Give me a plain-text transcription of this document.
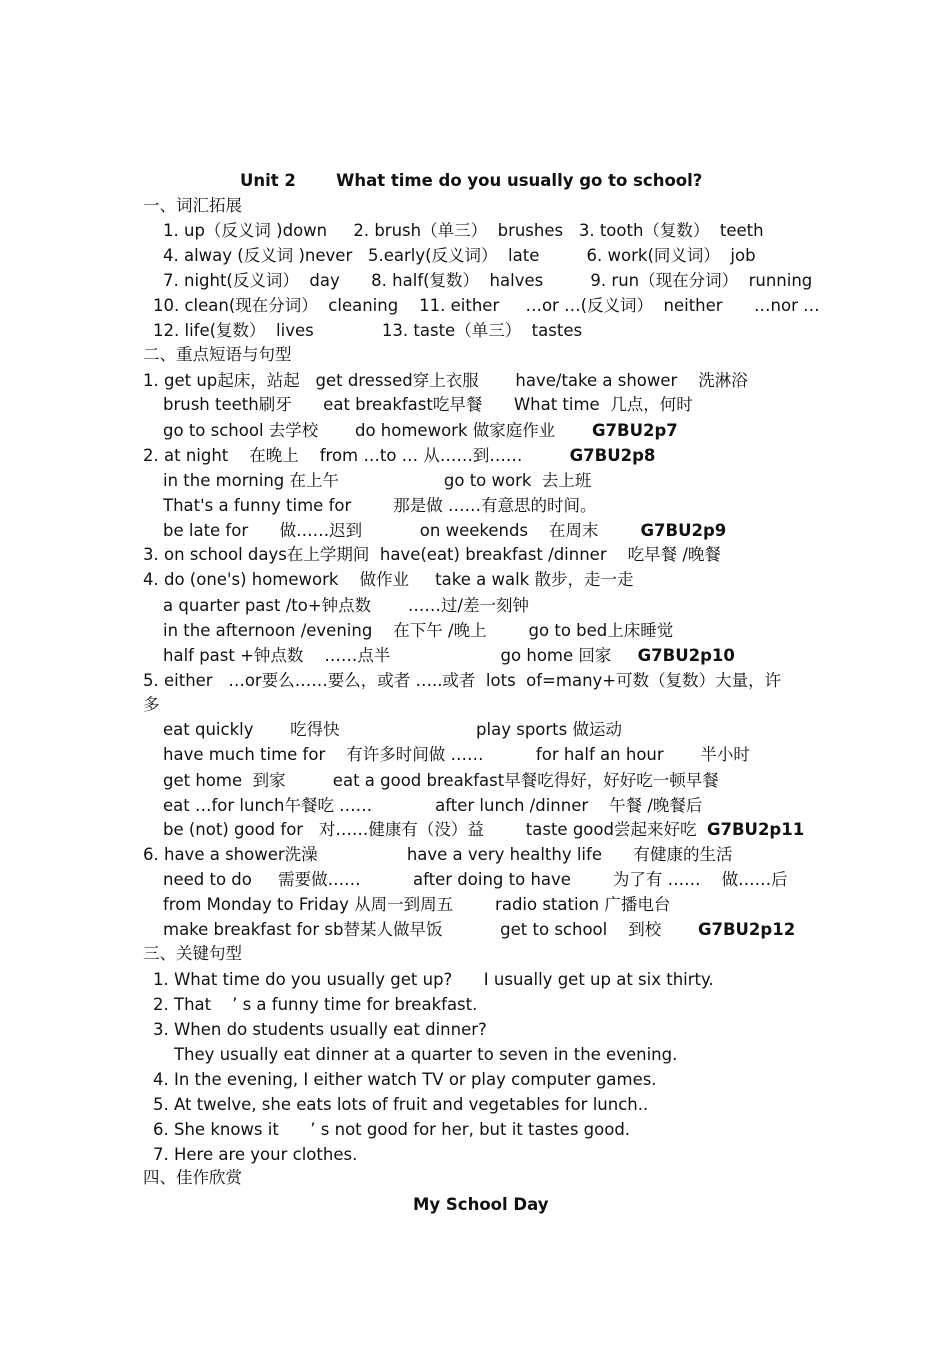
Unit 2       What time do you usually go to school?
一、词汇拓展
1. up（反义词 )down     2. brush（单三）  brushes   3. tooth（复数）  teeth
4. alway (反义词 )never   5.early(反义词）  late         6. work(同义词）  job
7. night(反义词）  day      8. half(复数）  halves         9. run（现在分词）  running
10. clean(现在分词）  cleaning    11. either     …or …(反义词）  neither      …nor …
12. life(复数）  lives             13. taste（单三）  tastes
二、重点短语与句型
1. get up起床，站起   get dressed穿上衣服       have/take a shower    洗淋浴
brush teeth刷牙      eat breakfast吃早餐      What time  几点，何时
go to school 去学校       do homework 做家庭作业       G7BU2p7
2. at night    在晚上    from …to … 从……到……         G7BU2p8
in the morning 在上午                    go to work  去上班
That's a funny time for        那是做 ……有意思的时间。
be late for      做……迟到           on weekends    在周末        G7BU2p9
3. on school days在上学期间  have(eat) breakfast /dinner    吃早餐 /晚餐
4. do (one's) homework    做作业     take a walk 散步，走一走
a quarter past /to+钟点数       ……过/差一刻钟
in the afternoon /evening    在下午 /晚上        go to bed上床睡觉
half past +钟点数    ……点半                     go home 回家     G7BU2p10
5. either   …or要么……要么，或者 …..或者  lots  of=many+可数（复数）大量，许
多
eat quickly       吃得快                          play sports 做运动
have much time for    有许多时间做 ……          for half an hour       半小时
get home  到家         eat a good breakfast早餐吃得好，好好吃一顿早餐
eat …for lunch午餐吃 ……            after lunch /dinner    午餐 /晚餐后
be (not) good for   对……健康有（没）益        taste good尝起来好吃  G7BU2p11
6. have a shower洗澡                 have a very healthy life      有健康的生活
need to do     需要做……          after doing to have        为了有 ……    做……后
from Monday to Friday 从周一到周五        radio station 广播电台
make breakfast for sb替某人做早饭           get to school    到校       G7BU2p12
三、关键句型
1. What time do you usually get up?      I usually get up at six thirty.
2. That    ’ s a funny time for breakfast.
3. When do students usually eat dinner?
They usually eat dinner at a quarter to seven in the evening.
4. In the evening, I either watch TV or play computer games.
5. At twelve, she eats lots of fruit and vegetables for lunch..
6. She knows it      ’ s not good for her, but it tastes good.
7. Here are your clothes.
四、佳作欣赏
My School Day
